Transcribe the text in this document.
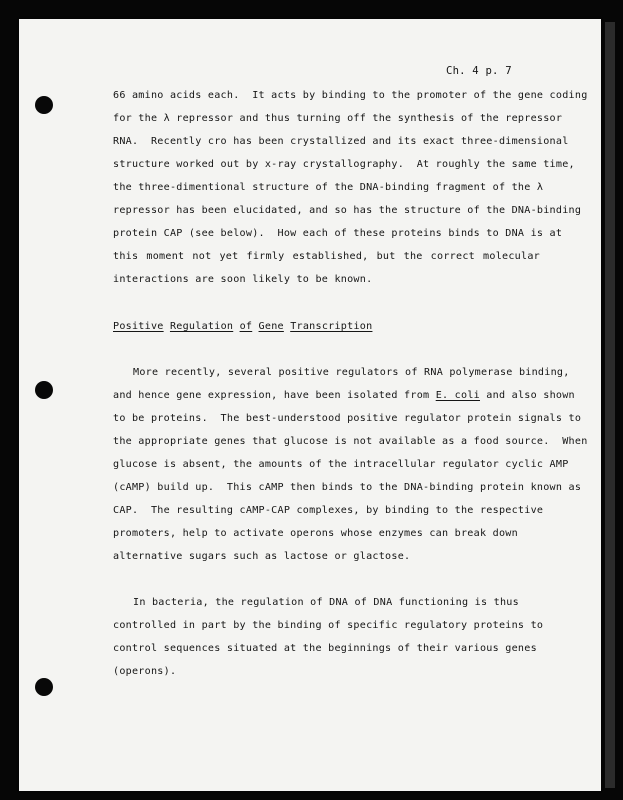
Ch. 4 p. 7
66 amino acids each.  It acts by binding to the promoter of the gene coding
for the λ repressor and thus turning off the synthesis of the repressor
RNA.  Recently cro has been crystallized and its exact three-dimensional
structure worked out by x-ray crystallography.  At roughly the same time,
the three-dimentional structure of the DNA-binding fragment of the λ
repressor has been elucidated, and so has the structure of the DNA-binding
protein CAP (see below).  How each of these proteins binds to DNA is at
this moment not yet firmly established, but the correct molecular
interactions are soon likely to be known.
Positive Regulation of Gene Transcription
More recently, several positive regulators of RNA polymerase binding,
and hence gene expression, have been isolated from E. coli and also shown
to be proteins.  The best-understood positive regulator protein signals to
the appropriate genes that glucose is not available as a food source.  When
glucose is absent, the amounts of the intracellular regulator cyclic AMP
(cAMP) build up.  This cAMP then binds to the DNA-binding protein known as
CAP.  The resulting cAMP-CAP complexes, by binding to the respective
promoters, help to activate operons whose enzymes can break down
alternative sugars such as lactose or glactose.
In bacteria, the regulation of DNA of DNA functioning is thus
controlled in part by the binding of specific regulatory proteins to
control sequences situated at the beginnings of their various genes
(operons).
